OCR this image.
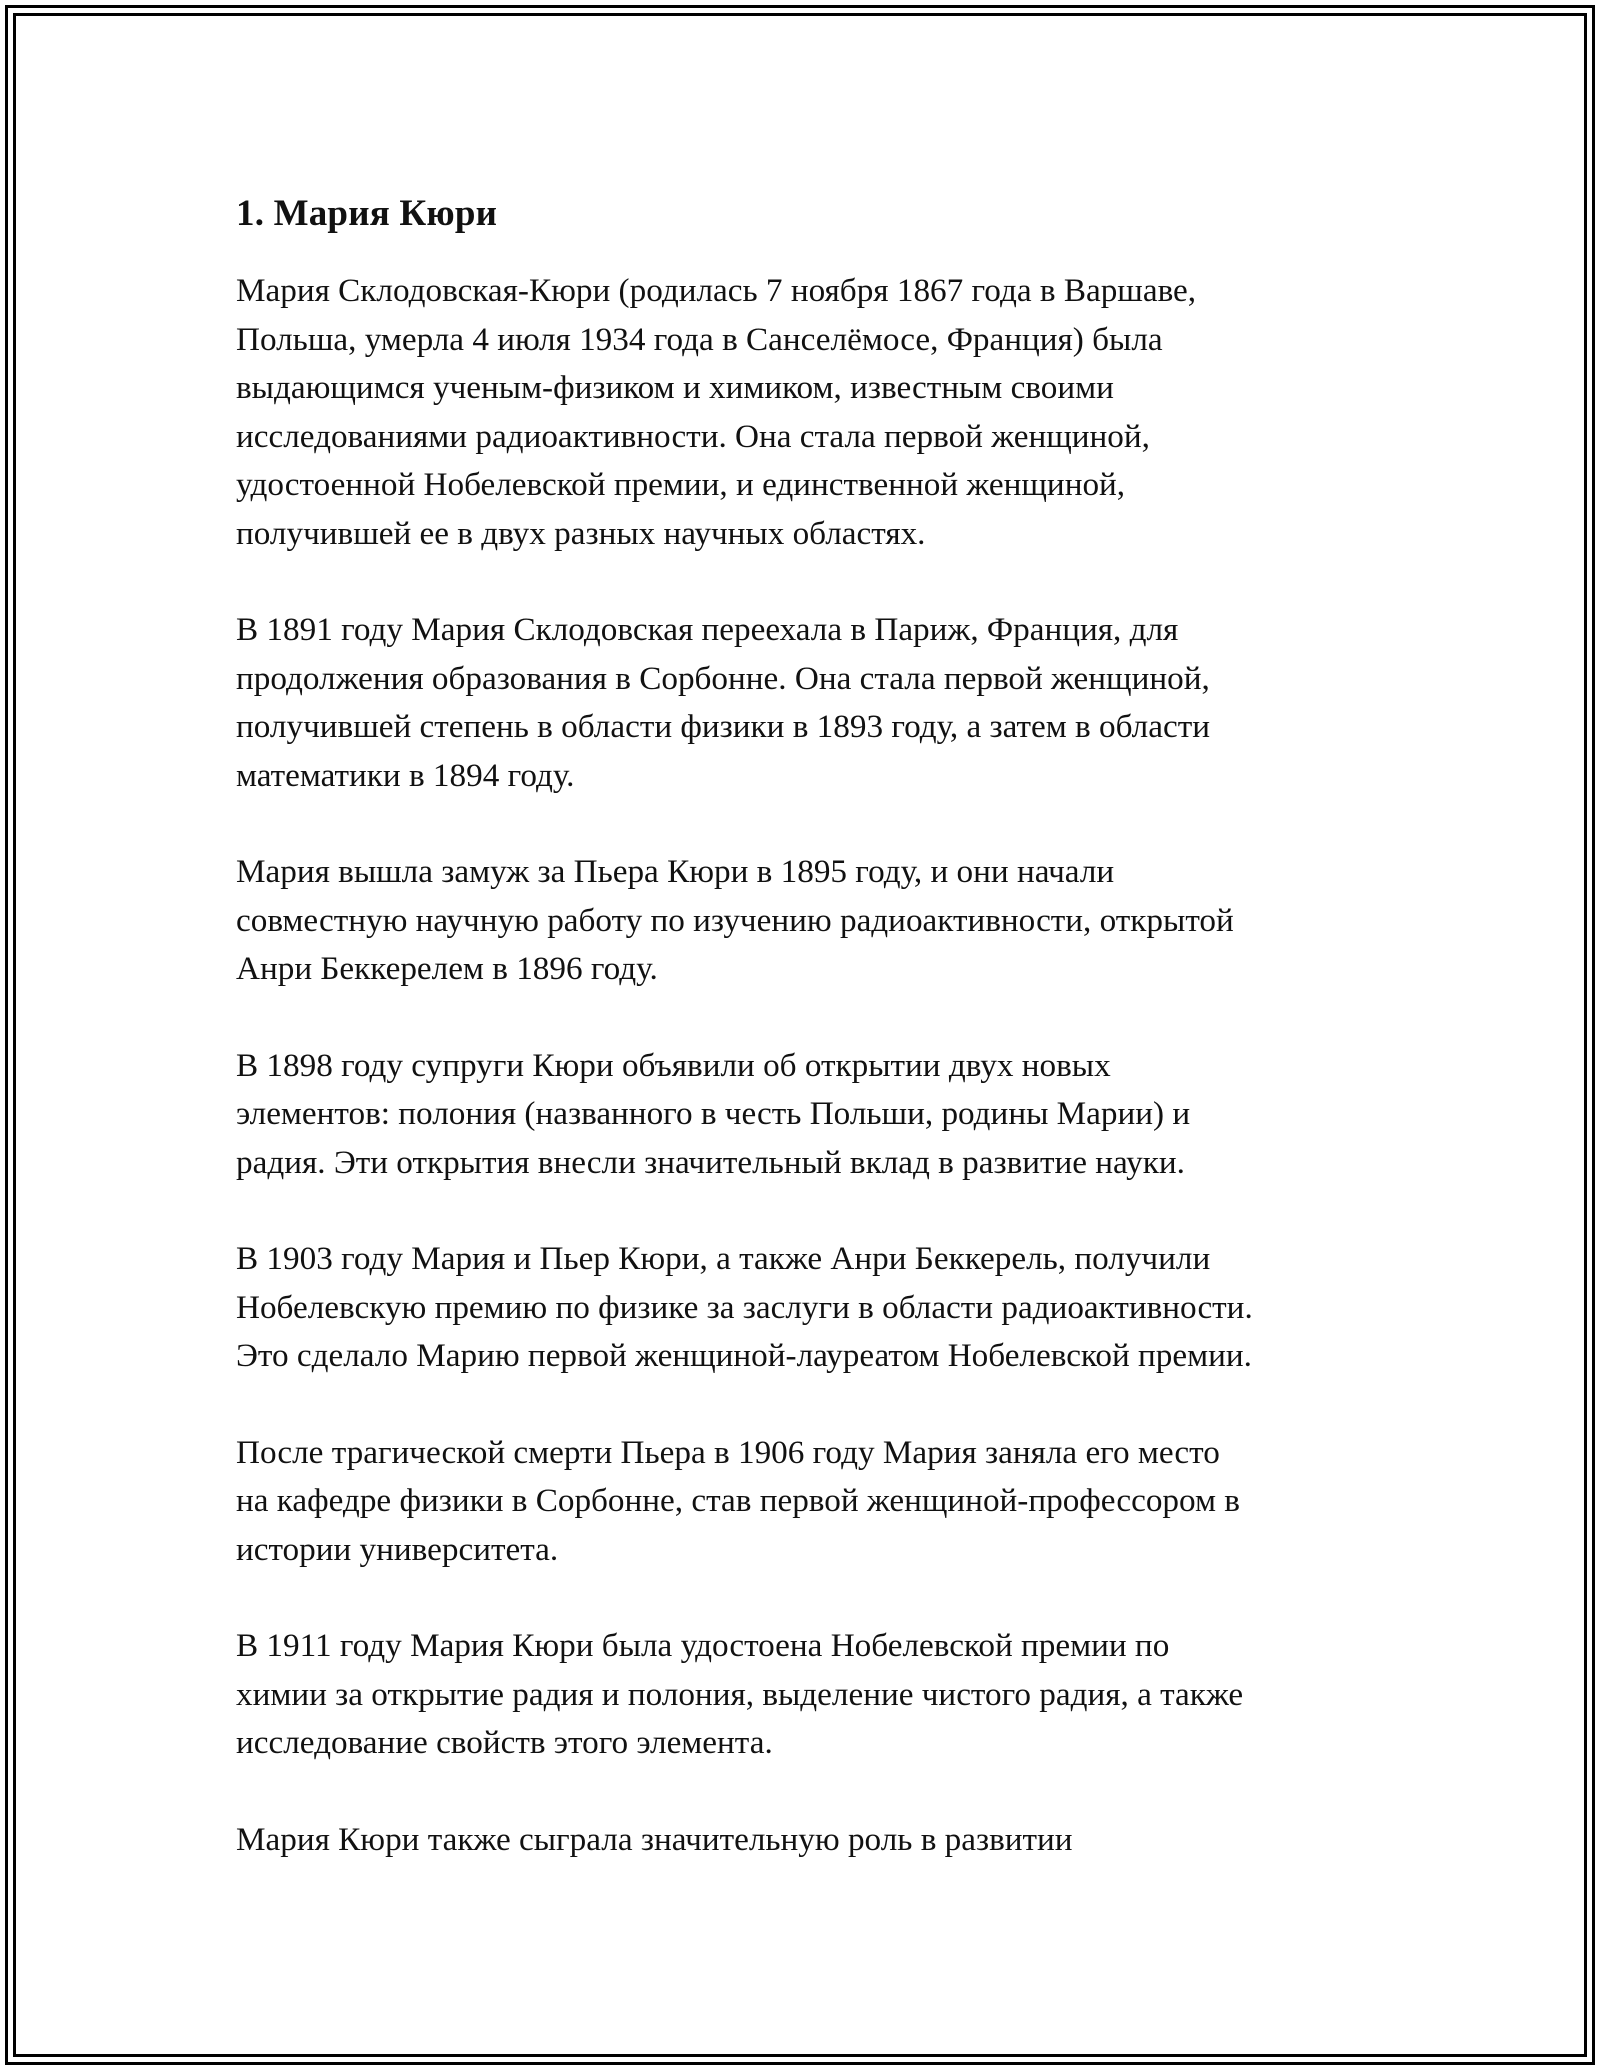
1. Мария Кюри

Мария Склодовская-Кюри (родилась 7 ноября 1867 года в Варшаве,
Польша, умерла 4 июля 1934 года в Санселёмосе, Франция) была
выдающимся ученым-физиком и химиком, известным своими
исследованиями радиоактивности. Она стала первой женщиной,
удостоенной Нобелевской премии, и единственной женщиной,
получившей ее в двух разных научных областях.

В 1891 году Мария Склодовская переехала в Париж, Франция, для
продолжения образования в Сорбонне. Она стала первой женщиной,
получившей степень в области физики в 1893 году, а затем в области
математики в 1894 году.

Мария вышла замуж за Пьера Кюри в 1895 году, и они начали
совместную научную работу по изучению радиоактивности, открытой
Анри Беккерелем в 1896 году.

В 1898 году супруги Кюри объявили об открытии двух новых
элементов: полония (названного в честь Польши, родины Марии) и
радия. Эти открытия внесли значительный вклад в развитие науки.

В 1903 году Мария и Пьер Кюри, а также Анри Беккерель, получили
Нобелевскую премию по физике за заслуги в области радиоактивности.
Это сделало Марию первой женщиной-лауреатом Нобелевской премии.

После трагической смерти Пьера в 1906 году Мария заняла его место
на кафедре физики в Сорбонне, став первой женщиной-профессором в
истории университета.

В 1911 году Мария Кюри была удостоена Нобелевской премии по
химии за открытие радия и полония, выделение чистого радия, а также
исследование свойств этого элемента.

Мария Кюри также сыграла значительную роль в развитии
